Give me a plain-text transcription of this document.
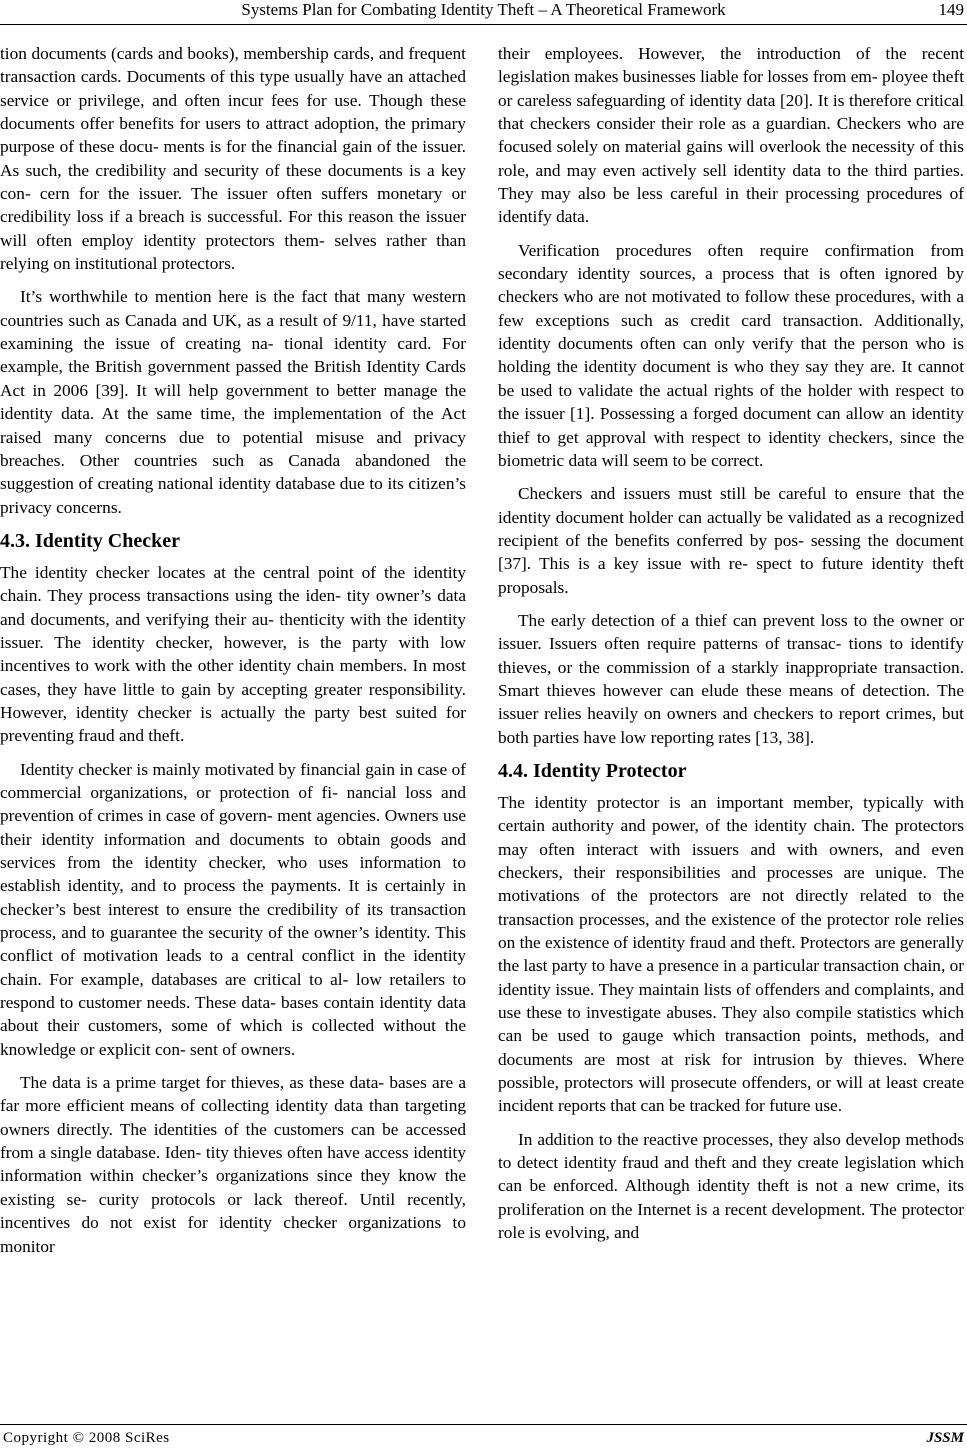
Systems Plan for Combating Identity Theft – A Theoretical Framework	149

tion documents (cards and books), membership cards, and frequent transaction cards. Documents of this type usually have an attached service or privilege, and often incur fees for use. Though these documents offer benefits for users to attract adoption, the primary purpose of these docu- ments is for the financial gain of the issuer. As such, the credibility and security of these documents is a key con- cern for the issuer. The issuer often suffers monetary or credibility loss if a breach is successful. For this reason the issuer will often employ identity protectors them- selves rather than relying on institutional protectors.

It’s worthwhile to mention here is the fact that many western countries such as Canada and UK, as a result of 9/11, have started examining the issue of creating na- tional identity card. For example, the British government passed the British Identity Cards Act in 2006 [39]. It will help government to better manage the identity data. At the same time, the implementation of the Act raised many concerns due to potential misuse and privacy breaches. Other countries such as Canada abandoned the suggestion of creating national identity database due to its citizen’s privacy concerns.

4.3. Identity Checker

The identity checker locates at the central point of the identity chain. They process transactions using the iden- tity owner’s data and documents, and verifying their au- thenticity with the identity issuer. The identity checker, however, is the party with low incentives to work with the other identity chain members. In most cases, they have little to gain by accepting greater responsibility. However, identity checker is actually the party best suited for preventing fraud and theft.

Identity checker is mainly motivated by financial gain in case of commercial organizations, or protection of fi- nancial loss and prevention of crimes in case of govern- ment agencies. Owners use their identity information and documents to obtain goods and services from the identity checker, who uses information to establish identity, and to process the payments. It is certainly in checker’s best interest to ensure the credibility of its transaction process, and to guarantee the security of the owner’s identity. This conflict of motivation leads to a central conflict in the identity chain. For example, databases are critical to al- low retailers to respond to customer needs. These data- bases contain identity data about their customers, some of which is collected without the knowledge or explicit con- sent of owners.

The data is a prime target for thieves, as these data- bases are a far more efficient means of collecting identity data than targeting owners directly. The identities of the customers can be accessed from a single database. Iden- tity thieves often have access identity information within checker’s organizations since they know the existing se- curity protocols or lack thereof. Until recently, incentives do not exist for identity checker organizations to monitor

their employees. However, the introduction of the recent legislation makes businesses liable for losses from em- ployee theft or careless safeguarding of identity data [20]. It is therefore critical that checkers consider their role as a guardian. Checkers who are focused solely on material gains will overlook the necessity of this role, and may even actively sell identity data to the third parties. They may also be less careful in their processing procedures of identify data.

Verification procedures often require confirmation from secondary identity sources, a process that is often ignored by checkers who are not motivated to follow these procedures, with a few exceptions such as credit card transaction. Additionally, identity documents often can only verify that the person who is holding the identity document is who they say they are. It cannot be used to validate the actual rights of the holder with respect to the issuer [1]. Possessing a forged document can allow an identity thief to get approval with respect to identity checkers, since the biometric data will seem to be correct.

Checkers and issuers must still be careful to ensure that the identity document holder can actually be validated as a recognized recipient of the benefits conferred by pos- sessing the document [37]. This is a key issue with re- spect to future identity theft proposals.

The early detection of a thief can prevent loss to the owner or issuer. Issuers often require patterns of transac- tions to identify thieves, or the commission of a starkly inappropriate transaction. Smart thieves however can elude these means of detection. The issuer relies heavily on owners and checkers to report crimes, but both parties have low reporting rates [13, 38].

4.4. Identity Protector

The identity protector is an important member, typically with certain authority and power, of the identity chain. The protectors may often interact with issuers and with owners, and even checkers, their responsibilities and processes are unique. The motivations of the protectors are not directly related to the transaction processes, and the existence of the protector role relies on the existence of identity fraud and theft. Protectors are generally the last party to have a presence in a particular transaction chain, or identity issue. They maintain lists of offenders and complaints, and use these to investigate abuses. They also compile statistics which can be used to gauge which transaction points, methods, and documents are most at risk for intrusion by thieves. Where possible, protectors will prosecute offenders, or will at least create incident reports that can be tracked for future use.

In addition to the reactive processes, they also develop methods to detect identity fraud and theft and they create legislation which can be enforced. Although identity theft is not a new crime, its proliferation on the Internet is a recent development. The protector role is evolving, and

Copyright © 2008 SciRes	JSSM
